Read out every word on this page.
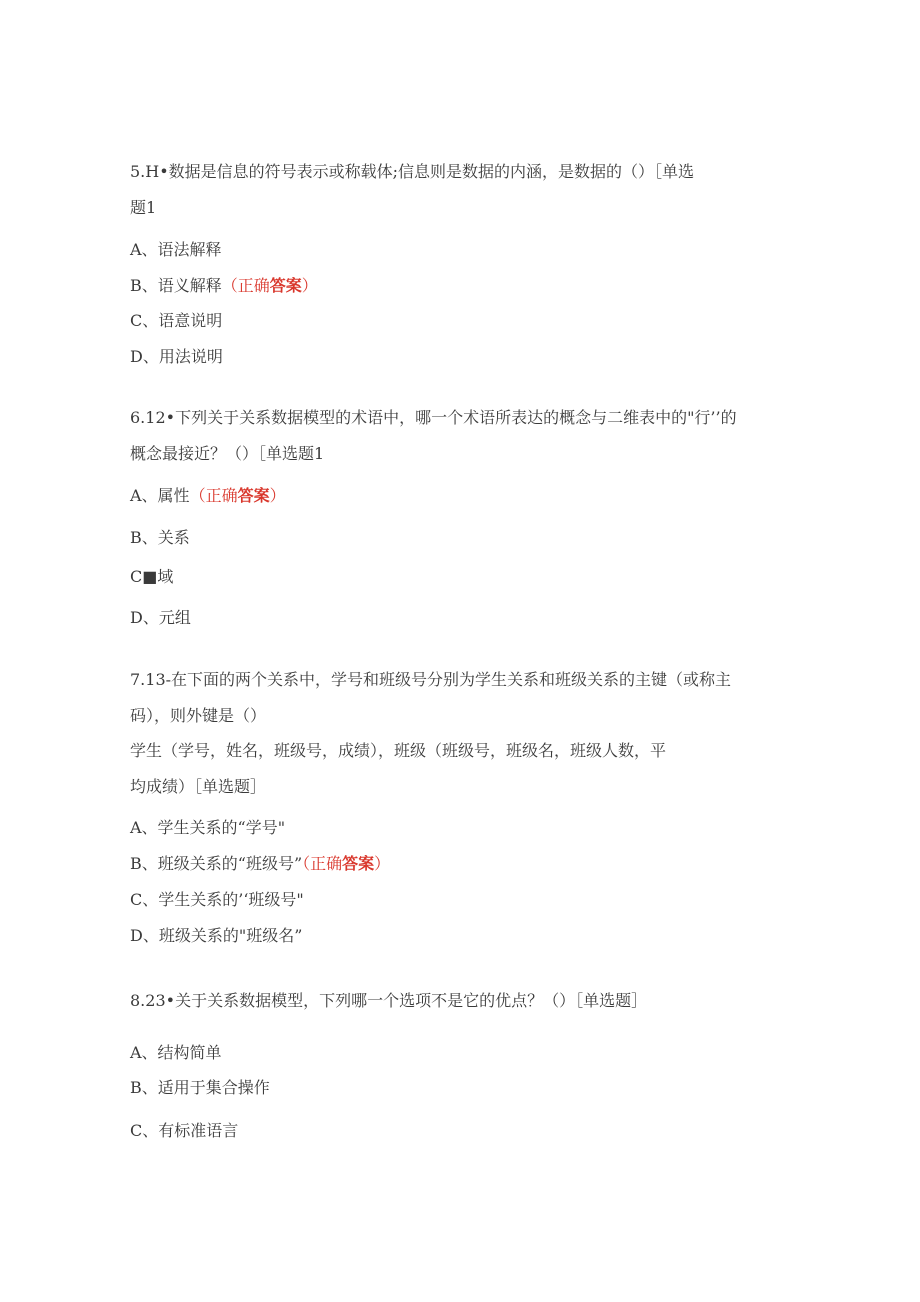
5.H•数据是信息的符号表示或称载体;信息则是数据的内涵，是数据的（）［单选
题1
A、语法解释
B、语义解释（正确答案）
C、语意说明
D、用法说明
6.12•下列关于关系数据模型的术语中，哪一个术语所表达的概念与二维表中的"行’’的
概念最接近？（）［单选题1
A、属性（正确答案）
B、关系
C■域
D、元组
7.13-在下面的两个关系中，学号和班级号分别为学生关系和班级关系的主键（或称主
码），则外键是（）
学生（学号，姓名，班级号，成绩），班级（班级号，班级名，班级人数，平
均成绩）［单选题］
A、学生关系的“学号"
B、班级关系的“班级号”（正确答案）
C、学生关系的’‘班级号"
D、班级关系的"班级名”
8.23•关于关系数据模型，下列哪一个选项不是它的优点？（）［单选题］
A、结构简单
B、适用于集合操作
C、有标准语言
